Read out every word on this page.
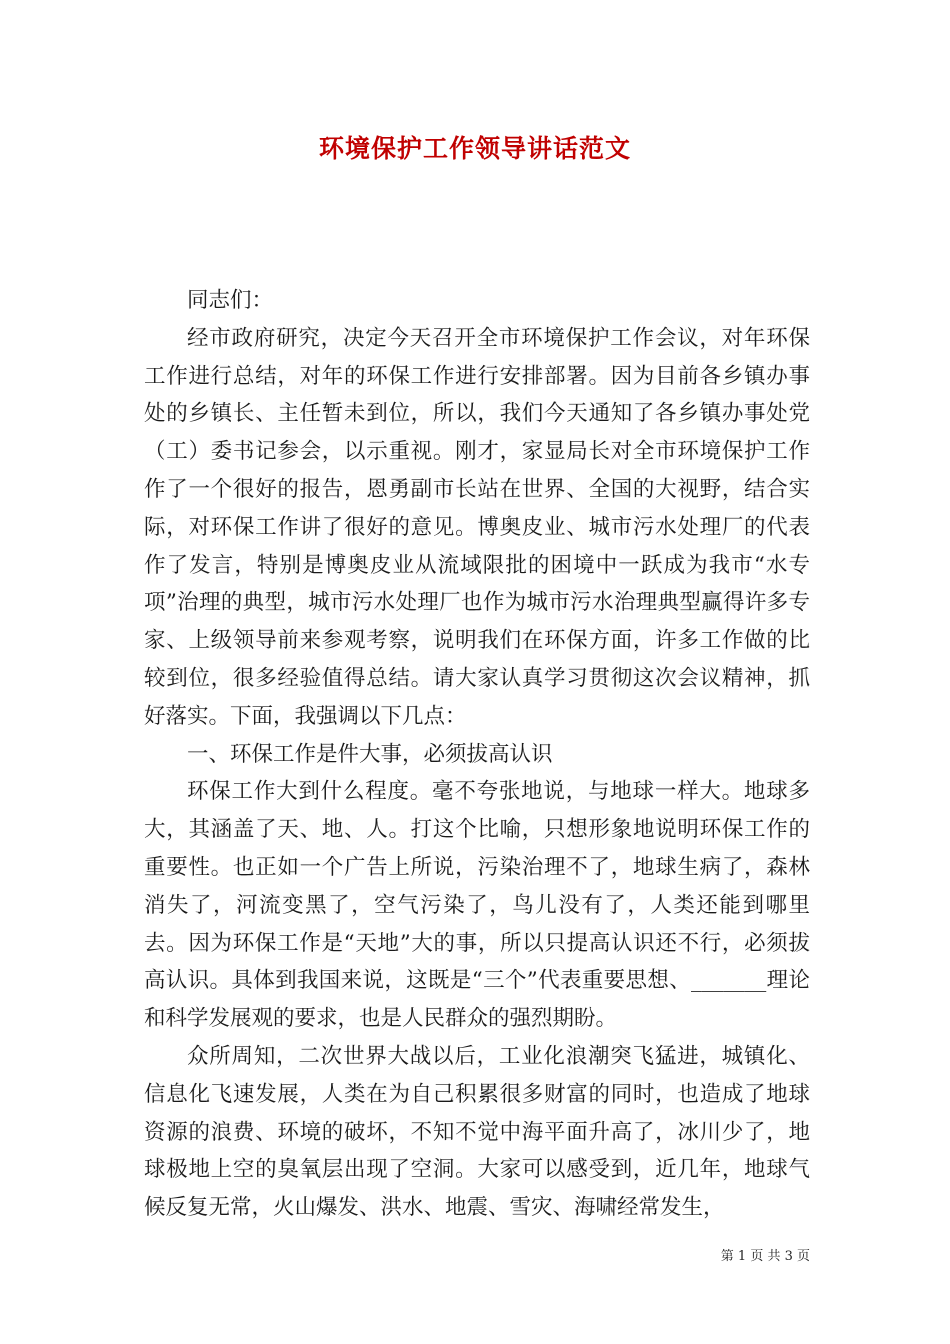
环境保护工作领导讲话范文

同志们：

经市政府研究，决定今天召开全市环境保护工作会议，对年环保工作进行总结，对年的环保工作进行安排部署。因为目前各乡镇办事处的乡镇长、主任暂未到位，所以，我们今天通知了各乡镇办事处党（工）委书记参会，以示重视。刚才，家显局长对全市环境保护工作作了一个很好的报告，恩勇副市长站在世界、全国的大视野，结合实际，对环保工作讲了很好的意见。博奥皮业、城市污水处理厂的代表作了发言，特别是博奥皮业从流域限批的困境中一跃成为我市“水专项”治理的典型，城市污水处理厂也作为城市污水治理典型赢得许多专家、上级领导前来参观考察，说明我们在环保方面，许多工作做的比较到位，很多经验值得总结。请大家认真学习贯彻这次会议精神，抓好落实。下面，我强调以下几点：

一、环保工作是件大事，必须拔高认识

环保工作大到什么程度。毫不夸张地说，与地球一样大。地球多大，其涵盖了天、地、人。打这个比喻，只想形象地说明环保工作的重要性。也正如一个广告上所说，污染治理不了，地球生病了，森林消失了，河流变黑了，空气污染了，鸟儿没有了，人类还能到哪里去。因为环保工作是“天地”大的事，所以只提高认识还不行，必须拔高认识。具体到我国来说，这既是“三个”代表重要思想、_______理论和科学发展观的要求，也是人民群众的强烈期盼。

众所周知，二次世界大战以后，工业化浪潮突飞猛进，城镇化、信息化飞速发展，人类在为自己积累很多财富的同时，也造成了地球资源的浪费、环境的破坏，不知不觉中海平面升高了，冰川少了，地球极地上空的臭氧层出现了空洞。大家可以感受到，近几年，地球气候反复无常，火山爆发、洪水、地震、雪灾、海啸经常发生，

第 1 页 共 3 页
